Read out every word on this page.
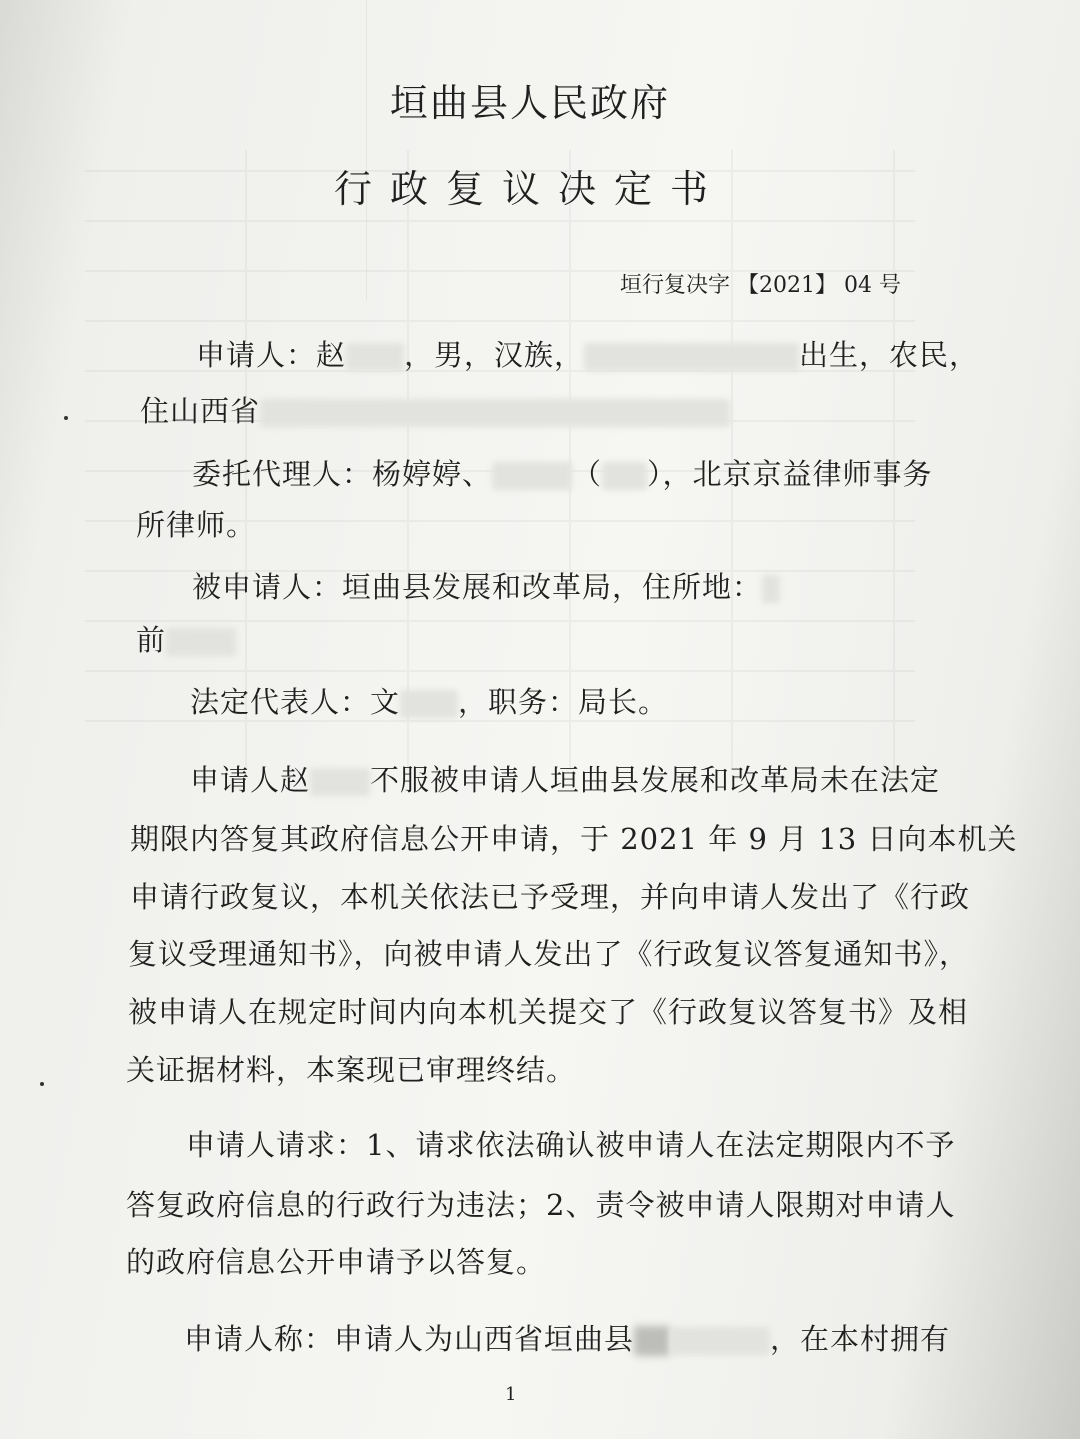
垣曲县人民政府
行政复议决定书
垣行复决字 【2021】 04 号
申请人：赵 ，男，汉族，	出生，农民，
住山西省
委托代理人：杨婷婷、	（ ），北京京益律师事务
所律师。
被申请人：垣曲县发展和改革局，住所地：
前
法定代表人：文 ，职务：局长。
申请人赵 不服被申请人垣曲县发展和改革局未在法定
期限内答复其政府信息公开申请，于 2021 年 9 月 13 日向本机关
申请行政复议，本机关依法已予受理，并向申请人发出了《行政
复议受理通知书》，向被申请人发出了《行政复议答复通知书》，
被申请人在规定时间内向本机关提交了《行政复议答复书》及相
关证据材料，本案现已审理终结。
申请人请求：1、请求依法确认被申请人在法定期限内不予
答复政府信息的行政行为违法；2、责令被申请人限期对申请人
的政府信息公开申请予以答复。
申请人称：申请人为山西省垣曲县	，在本村拥有
1
